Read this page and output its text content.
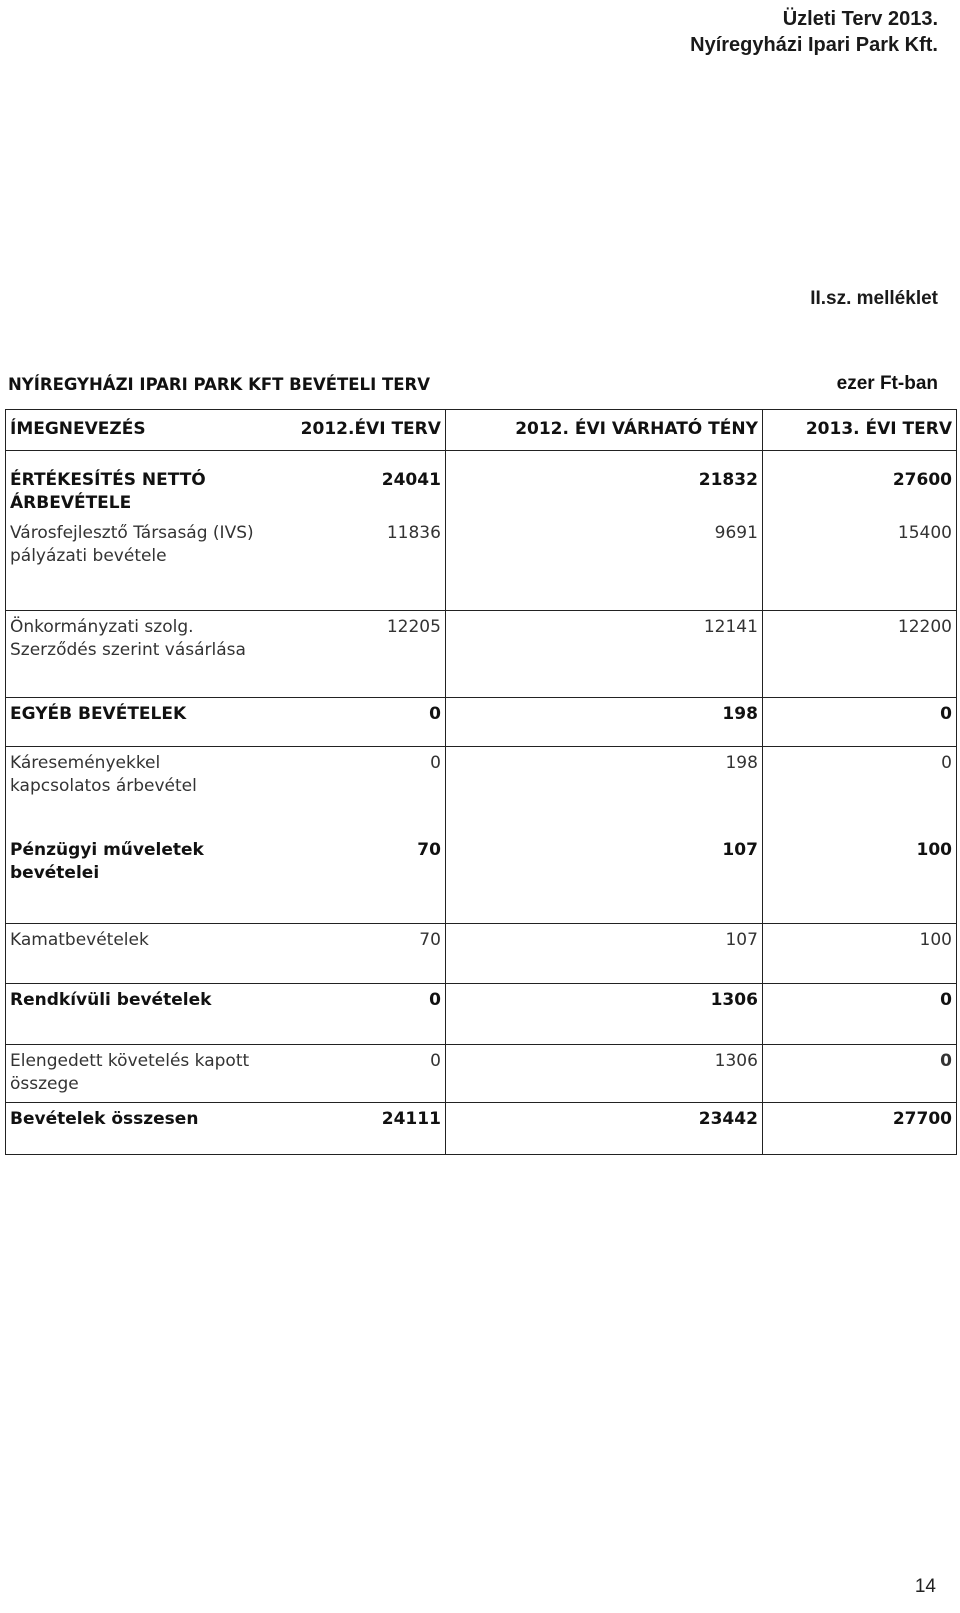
Üzleti Terv 2013.
Nyíregyházi Ipari Park Kft.
II.sz. melléklet
NYÍREGYHÁZI IPARI PARK KFT BEVÉTELI TERV	ezer Ft-ban
ÍMEGNEVEZÉS	2012.ÉVI TERV	2012. ÉVI VÁRHATÓ TÉNY	2013. ÉVI TERV
ÉRTÉKESÍTÉS NETTÓ ÁRBEVÉTELE	24041	21832	27600
Városfejlesztő Társaság (IVS) pályázati bevétele	11836	9691	15400
Önkormányzati szolg. Szerződés szerint vásárlása	12205	12141	12200
EGYÉB BEVÉTELEK	0	198	0
Káreseményekkel kapcsolatos árbevétel	0	198	0
Pénzügyi műveletek bevételei	70	107	100
Kamatbevételek	70	107	100
Rendkívüli bevételek	0	1306	0
Elengedett követelés kapott összege	0	1306	0
Bevételek összesen	24111	23442	27700
14
